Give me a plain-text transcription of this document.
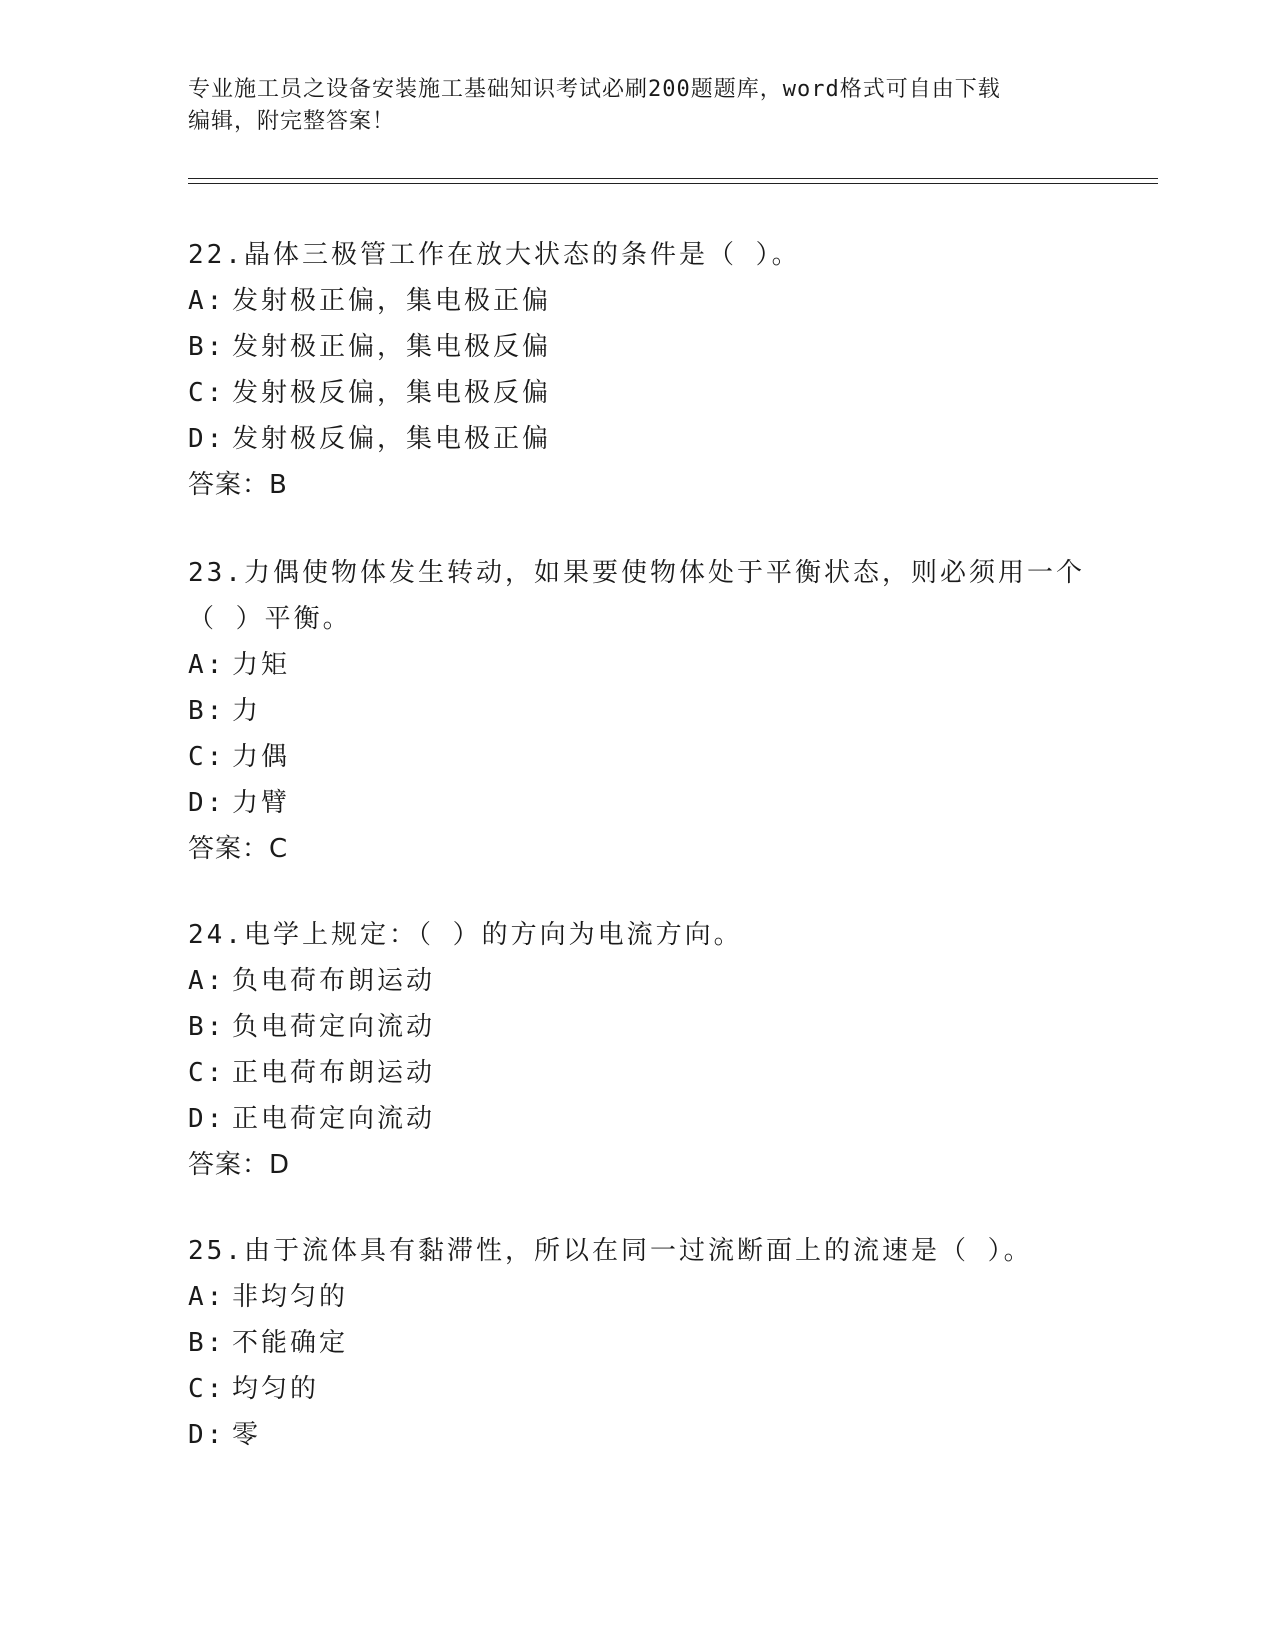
专业施工员之设备安装施工基础知识考试必刷200题题库，word格式可自由下载
编辑，附完整答案！

22.晶体三极管工作在放大状态的条件是（ ）。

A: 发射极正偏，集电极正偏

B: 发射极正偏，集电极反偏

C: 发射极反偏，集电极反偏

D: 发射极反偏，集电极正偏

答案：B

23.力偶使物体发生转动，如果要使物体处于平衡状态，则必须用一个

（ ）平衡。

A: 力矩

B: 力

C: 力偶

D: 力臂

答案：C

24.电学上规定：（ ）的方向为电流方向。

A: 负电荷布朗运动

B: 负电荷定向流动

C: 正电荷布朗运动

D: 正电荷定向流动

答案：D

25.由于流体具有黏滞性，所以在同一过流断面上的流速是（ ）。

A: 非均匀的

B: 不能确定

C: 均匀的

D: 零
